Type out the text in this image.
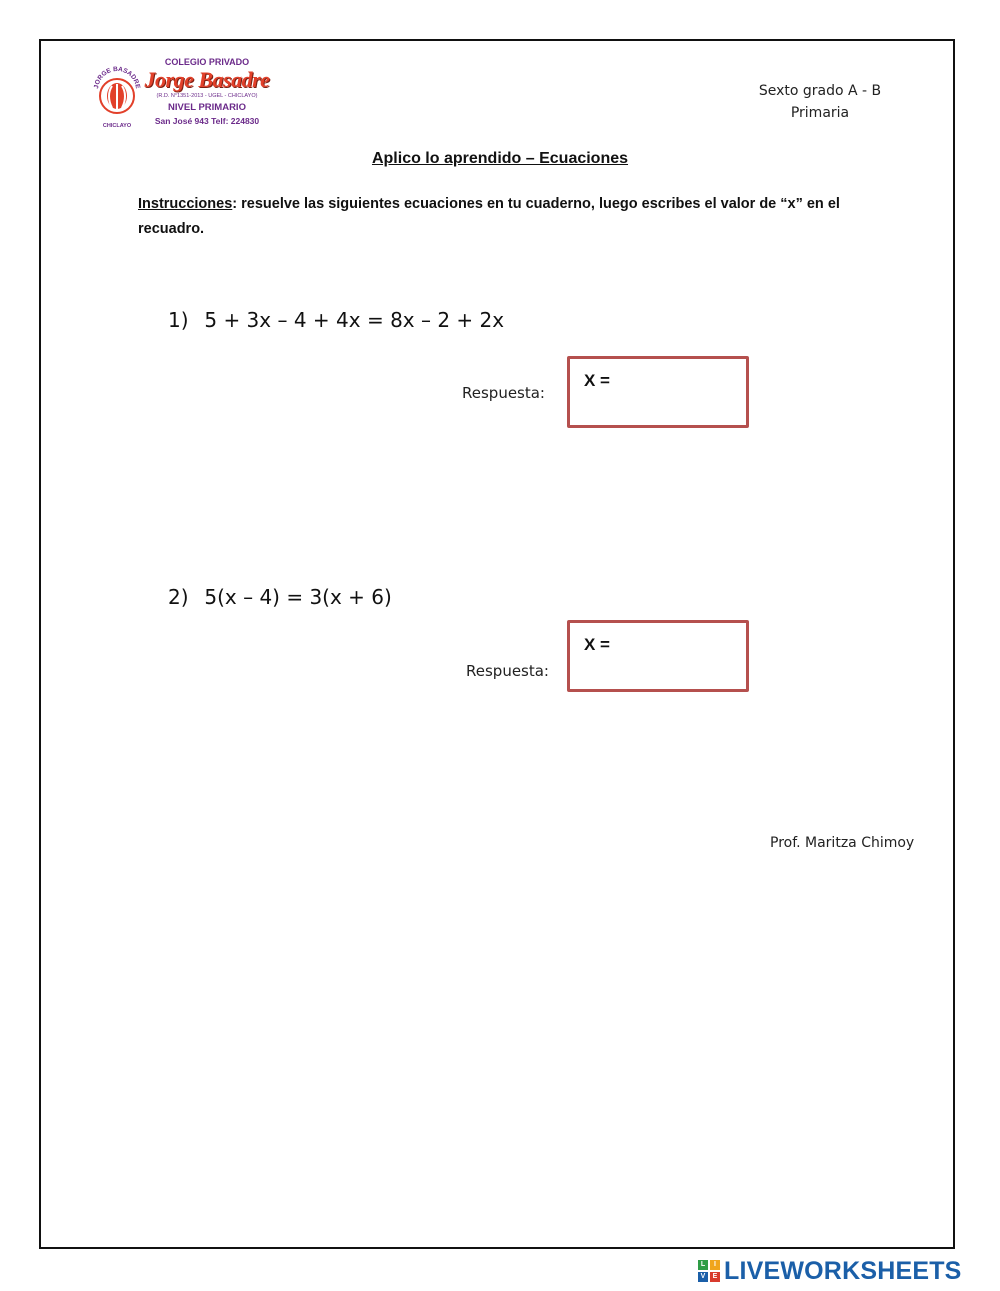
JORGE BASADRE
CHICLAYO
COLEGIO PRIVADO
Jorge Basadre
(R.D. N°1351-2013 - UGEL - CHICLAYO)
NIVEL PRIMARIO
San José 943 Telf: 224830
Sexto grado A - B
Primaria
Aplico lo aprendido – Ecuaciones
Instrucciones: resuelve las siguientes ecuaciones en tu cuaderno, luego escribes el valor de “x” en el recuadro.
1) 5 + 3x – 4 + 4x = 8x – 2 + 2x
Respuesta:
X =
2) 5(x – 4) = 3(x + 6)
Respuesta:
X =
Prof. Maritza Chimoy
L	I
V	E LIVEWORKSHEETS
